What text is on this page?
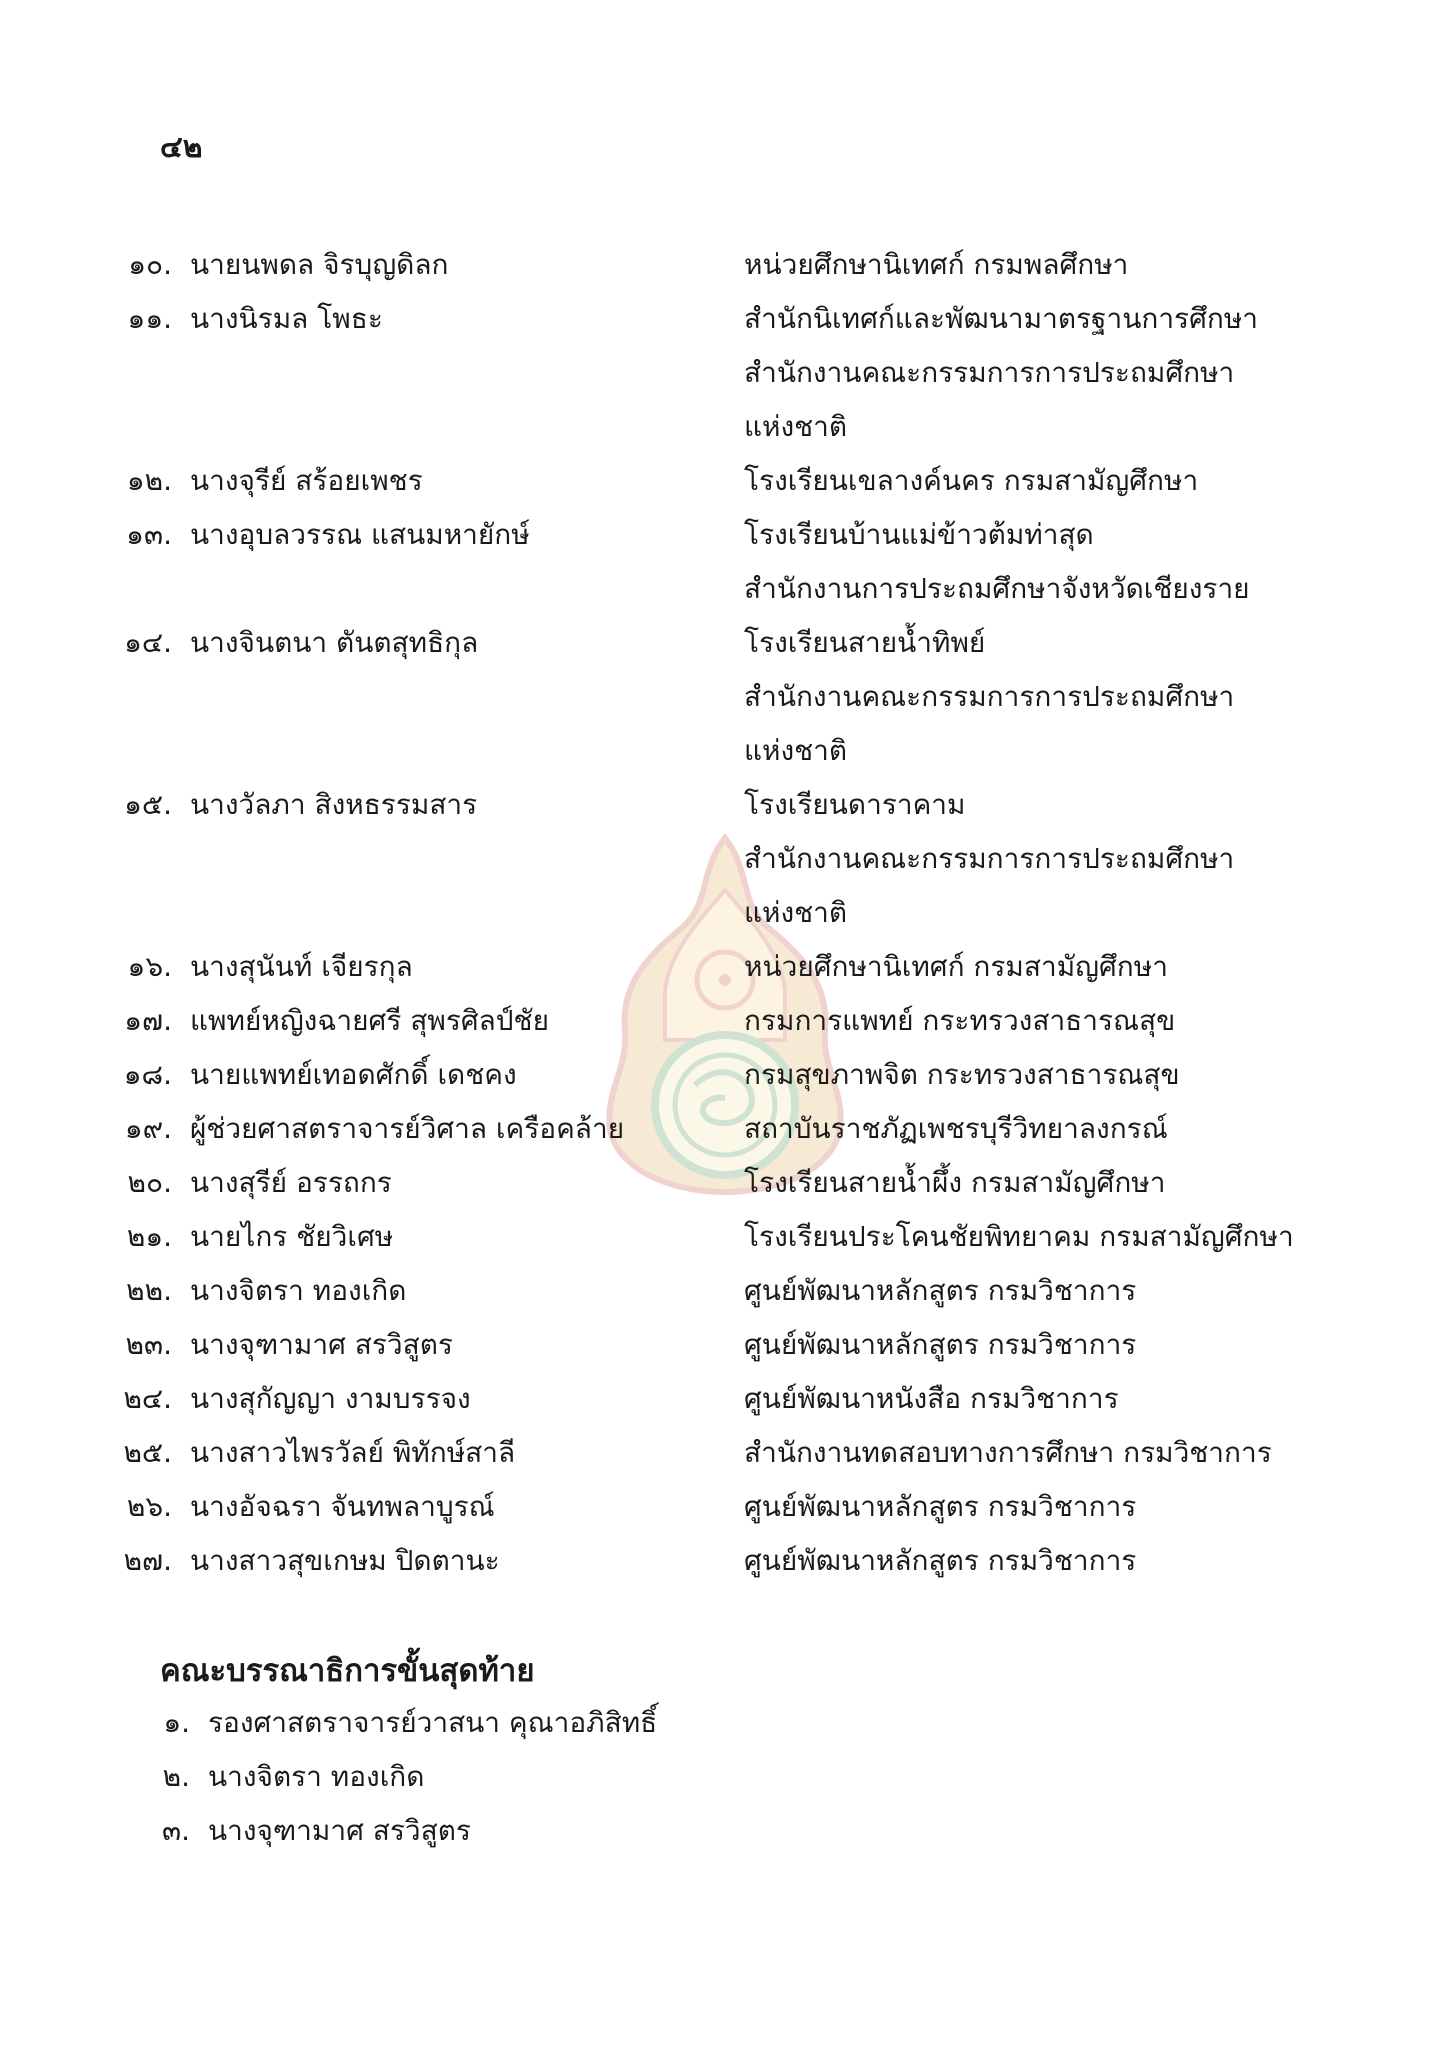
๔๒
๑๐. นายนพดล จิรบุญดิลก	หน่วยศึกษานิเทศก์ กรมพลศึกษา
๑๑. นางนิรมล โพธะ	สำนักนิเทศก์และพัฒนามาตรฐานการศึกษา
สำนักงานคณะกรรมการการประถมศึกษา
แห่งชาติ
๑๒. นางจุรีย์ สร้อยเพชร	โรงเรียนเขลางค์นคร กรมสามัญศึกษา
๑๓. นางอุบลวรรณ แสนมหายักษ์	โรงเรียนบ้านแม่ข้าวต้มท่าสุด
สำนักงานการประถมศึกษาจังหวัดเชียงราย
๑๔. นางจินตนา ตันตสุทธิกุล	โรงเรียนสายน้ำทิพย์
สำนักงานคณะกรรมการการประถมศึกษา
แห่งชาติ
๑๕. นางวัลภา สิงหธรรมสาร	โรงเรียนดาราคาม
สำนักงานคณะกรรมการการประถมศึกษา
แห่งชาติ
๑๖. นางสุนันท์ เจียรกุล	หน่วยศึกษานิเทศก์ กรมสามัญศึกษา
๑๗. แพทย์หญิงฉายศรี สุพรศิลป์ชัย	กรมการแพทย์ กระทรวงสาธารณสุข
๑๘. นายแพทย์เทอดศักดิ์ เดชคง	กรมสุขภาพจิต กระทรวงสาธารณสุข
๑๙. ผู้ช่วยศาสตราจารย์วิศาล เครือคล้าย	สถาบันราชภัฏเพชรบุรีวิทยาลงกรณ์
๒๐. นางสุรีย์ อรรถกร	โรงเรียนสายน้ำผึ้ง กรมสามัญศึกษา
๒๑. นายไกร ชัยวิเศษ	โรงเรียนประโคนชัยพิทยาคม กรมสามัญศึกษา
๒๒. นางจิตรา ทองเกิด	ศูนย์พัฒนาหลักสูตร กรมวิชาการ
๒๓. นางจุฑามาศ สรวิสูตร	ศูนย์พัฒนาหลักสูตร กรมวิชาการ
๒๔. นางสุกัญญา งามบรรจง	ศูนย์พัฒนาหนังสือ กรมวิชาการ
๒๕. นางสาวไพรวัลย์ พิทักษ์สาลี	สำนักงานทดสอบทางการศึกษา กรมวิชาการ
๒๖. นางอัจฉรา จันทพลาบูรณ์	ศูนย์พัฒนาหลักสูตร กรมวิชาการ
๒๗. นางสาวสุขเกษม ปิดตานะ	ศูนย์พัฒนาหลักสูตร กรมวิชาการ
คณะบรรณาธิการขั้นสุดท้าย
๑. รองศาสตราจารย์วาสนา คุณาอภิสิทธิ์
๒. นางจิตรา ทองเกิด
๓. นางจุฑามาศ สรวิสูตร
